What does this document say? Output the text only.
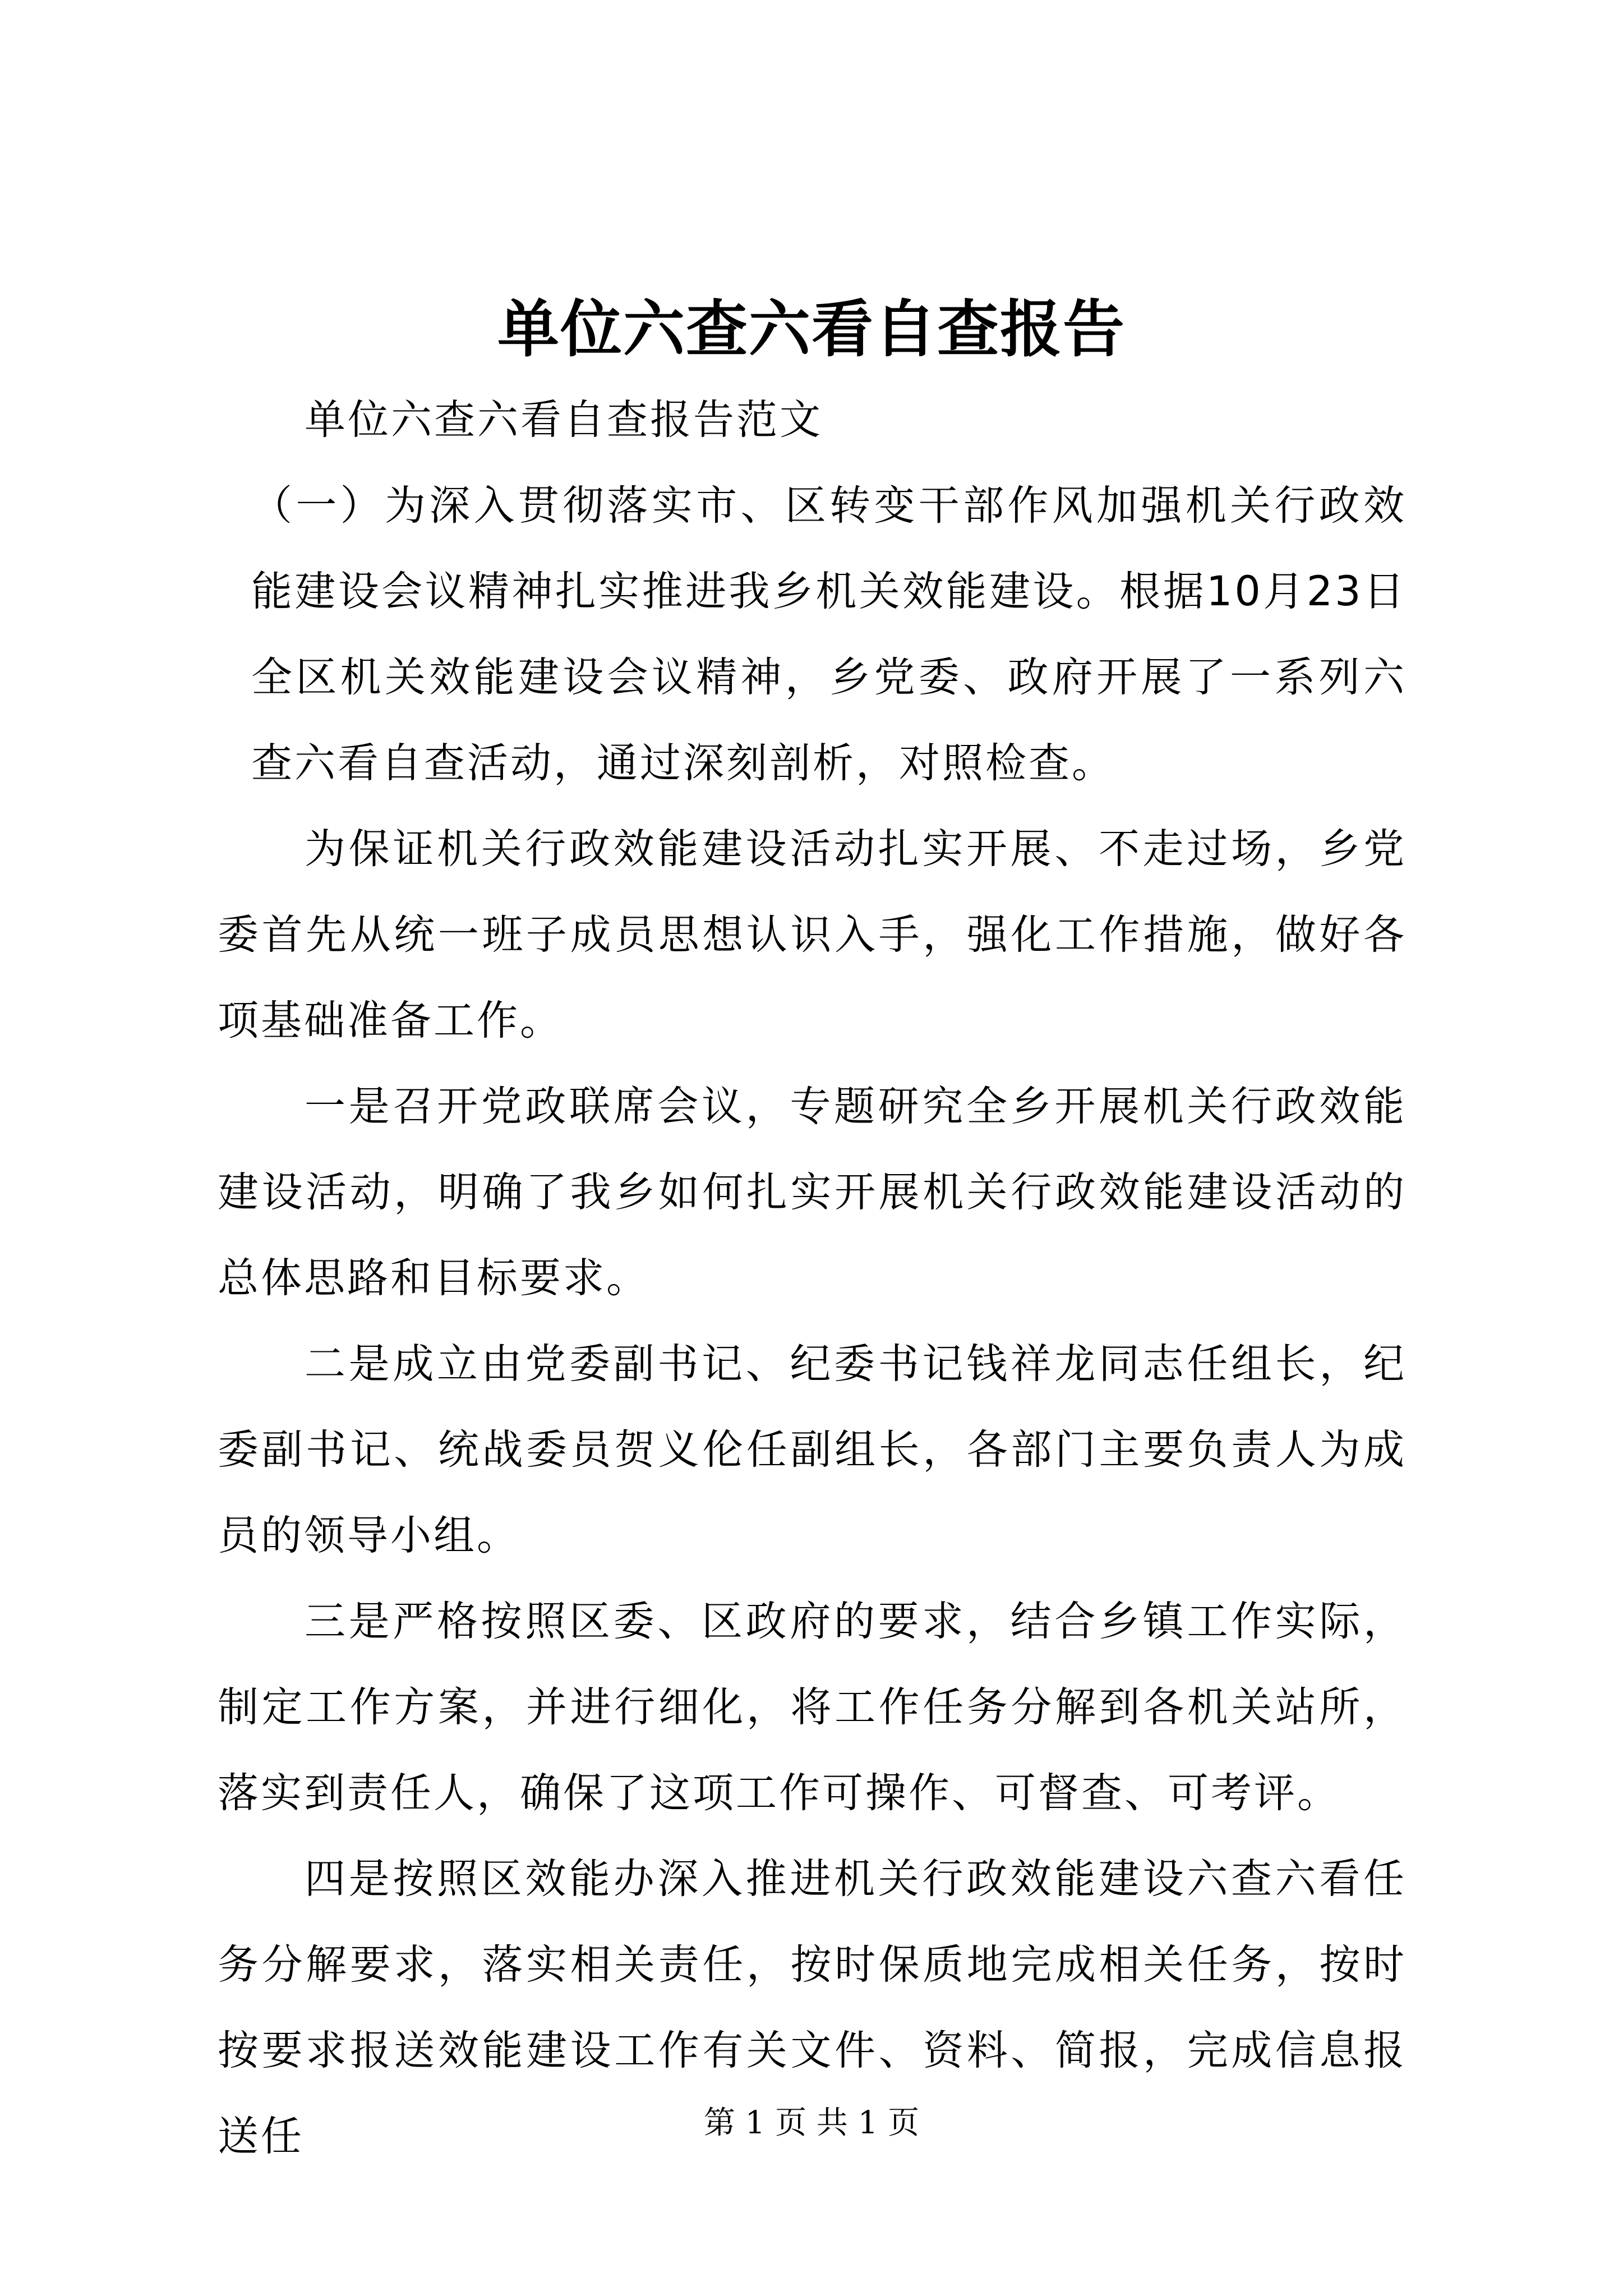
单位六查六看自查报告

单位六查六看自查报告范文

（一）为深入贯彻落实市、区转变干部作风加强机关行政效能建设会议精神扎实推进我乡机关效能建设。根据10月23日全区机关效能建设会议精神，乡党委、政府开展了一系列六查六看自查活动，通过深刻剖析，对照检查。

为保证机关行政效能建设活动扎实开展、不走过场，乡党委首先从统一班子成员思想认识入手，强化工作措施，做好各项基础准备工作。

一是召开党政联席会议，专题研究全乡开展机关行政效能建设活动，明确了我乡如何扎实开展机关行政效能建设活动的总体思路和目标要求。

二是成立由党委副书记、纪委书记钱祥龙同志任组长，纪委副书记、统战委员贺义伦任副组长，各部门主要负责人为成员的领导小组。

三是严格按照区委、区政府的要求，结合乡镇工作实际，制定工作方案，并进行细化，将工作任务分解到各机关站所，落实到责任人，确保了这项工作可操作、可督查、可考评。

四是按照区效能办深入推进机关行政效能建设六查六看任务分解要求，落实相关责任，按时保质地完成相关任务，按时按要求报送效能建设工作有关文件、资料、简报，完成信息报送任	第 1 页 共 1 页
